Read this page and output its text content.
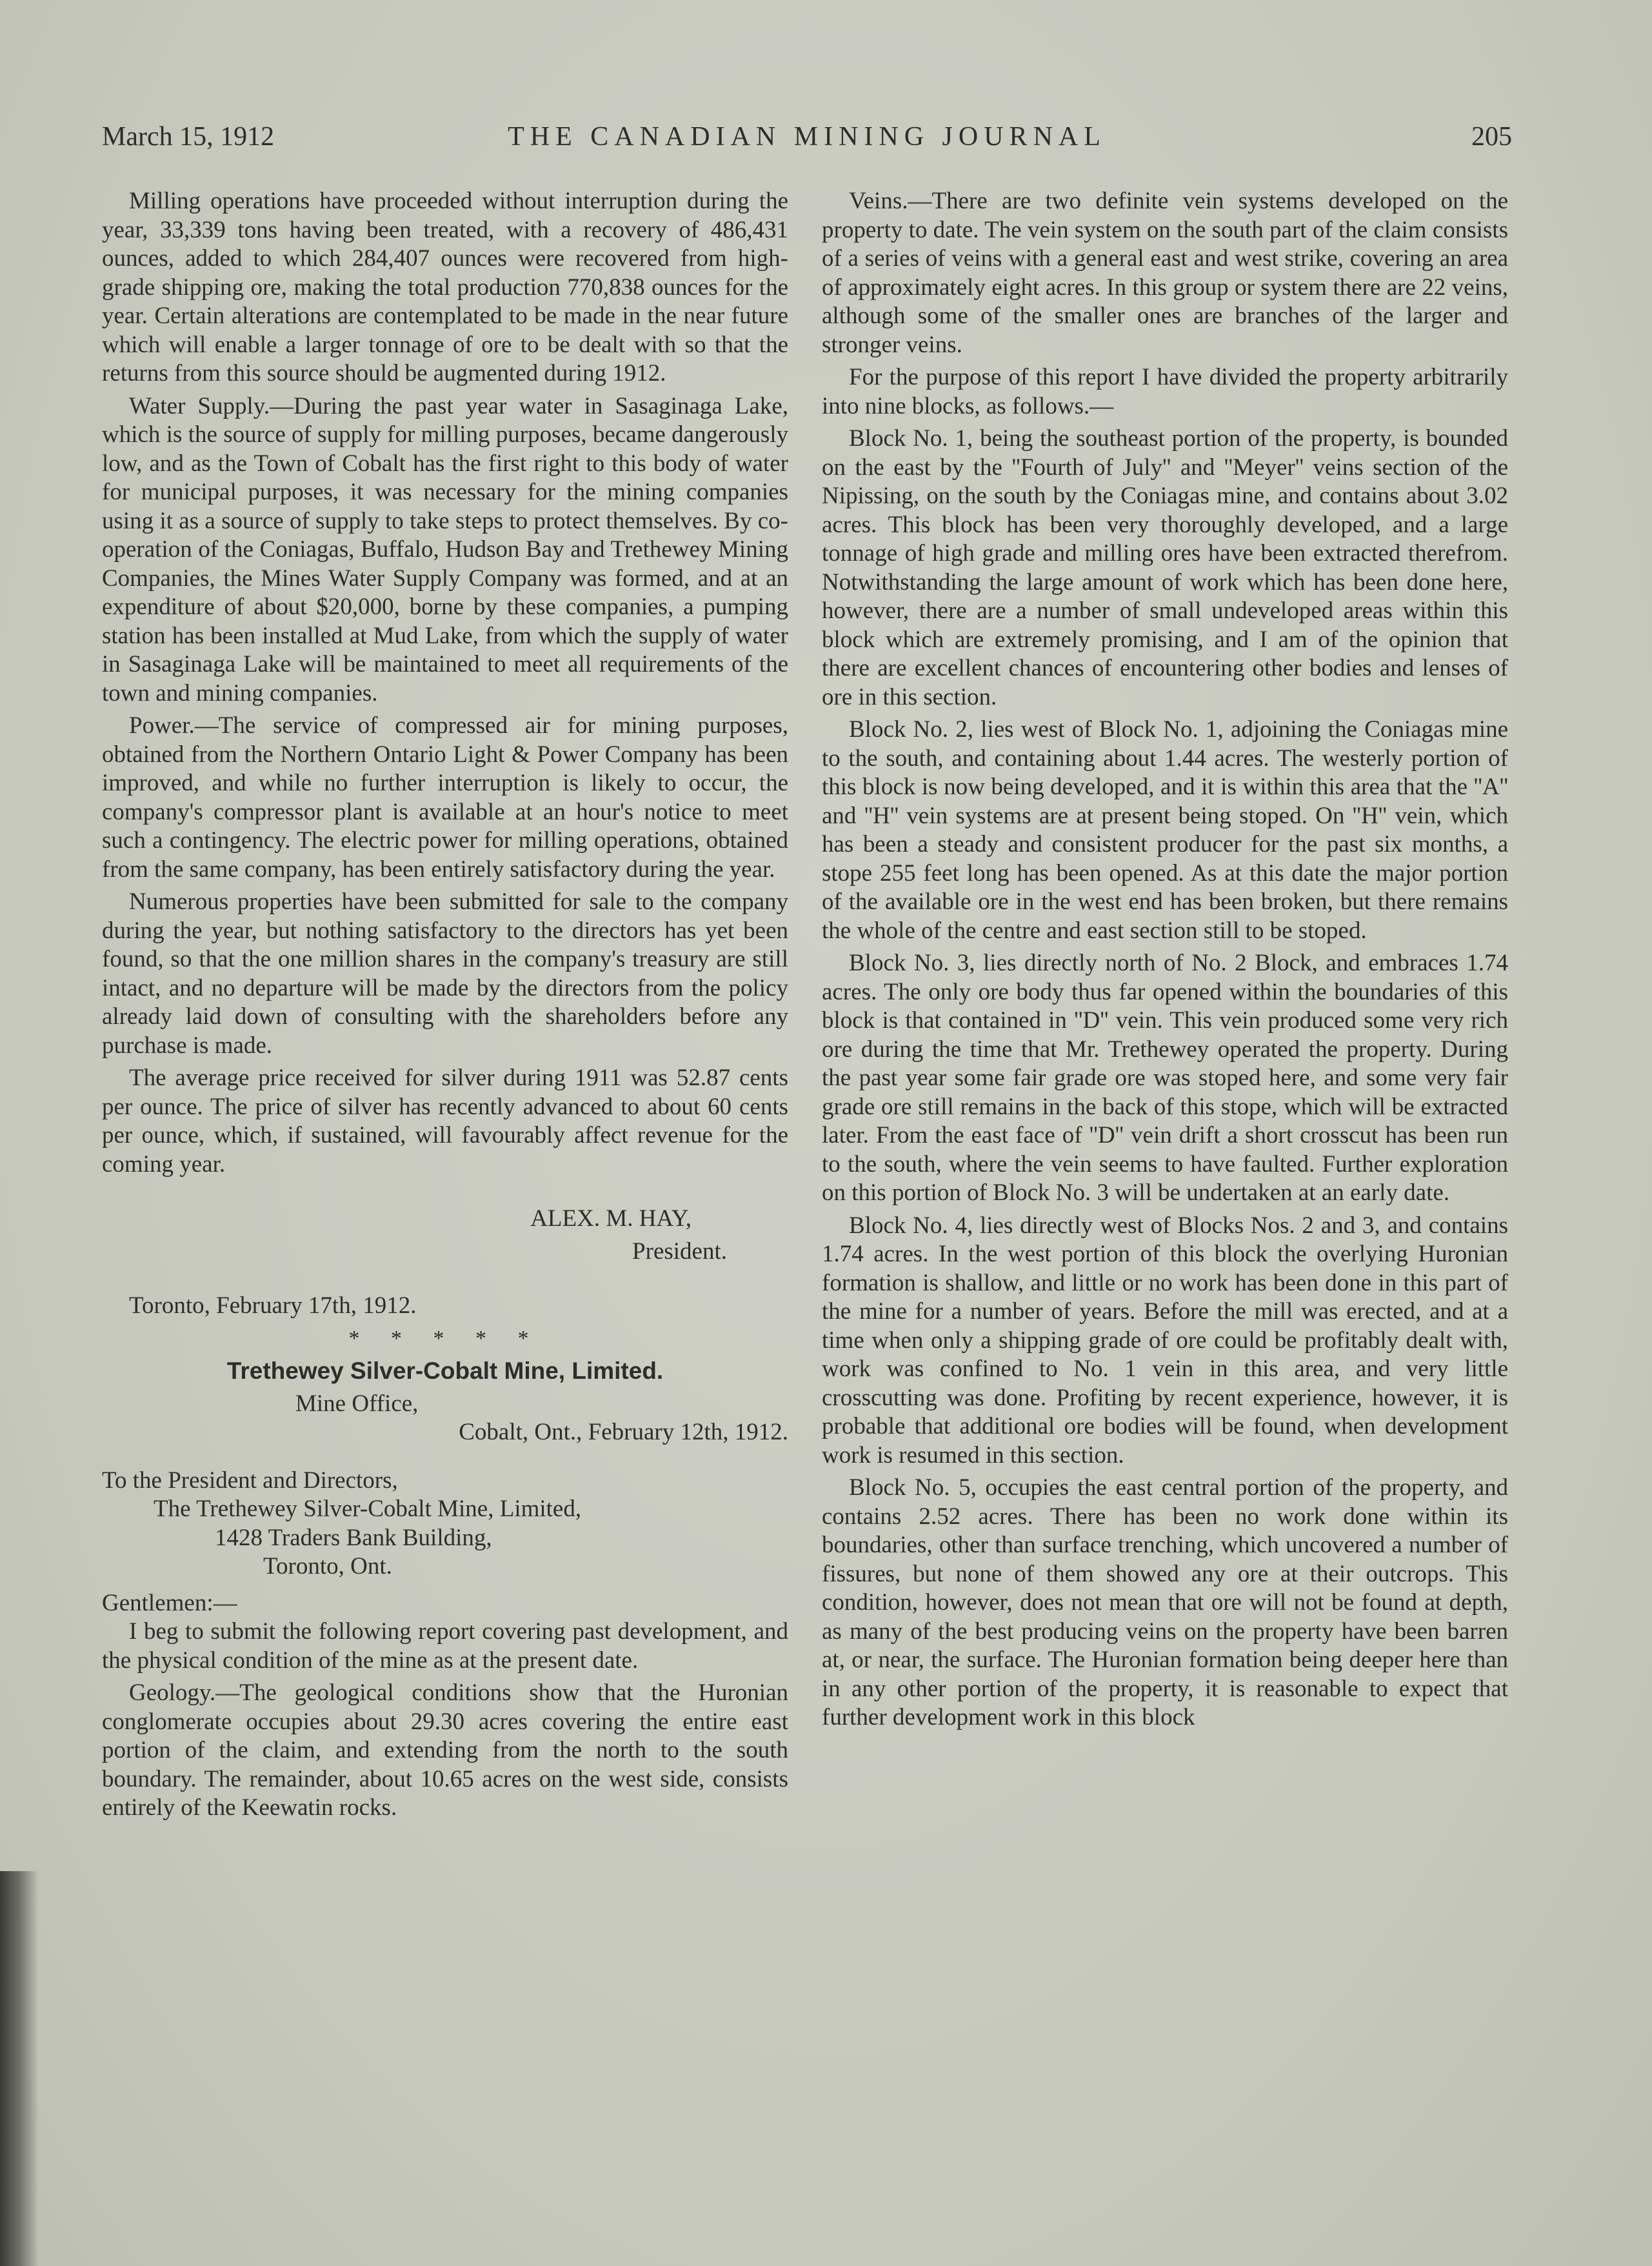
March 15, 1912	THE CANADIAN MINING JOURNAL	205

Milling operations have proceeded without interruption during the year, 33,339 tons having been treated, with a recovery of 486,431 ounces, added to which 284,407 ounces were recovered from high-grade shipping ore, making the total production 770,838 ounces for the year. Certain alterations are contemplated to be made in the near future which will enable a larger tonnage of ore to be dealt with so that the returns from this source should be augmented during 1912.

Water Supply.—During the past year water in Sasaginaga Lake, which is the source of supply for milling purposes, became dangerously low, and as the Town of Cobalt has the first right to this body of water for municipal purposes, it was necessary for the mining companies using it as a source of supply to take steps to protect themselves. By co-operation of the Coniagas, Buffalo, Hudson Bay and Trethewey Mining Companies, the Mines Water Supply Company was formed, and at an expenditure of about $20,000, borne by these companies, a pumping station has been installed at Mud Lake, from which the supply of water in Sasaginaga Lake will be maintained to meet all requirements of the town and mining companies.

Power.—The service of compressed air for mining purposes, obtained from the Northern Ontario Light & Power Company has been improved, and while no further interruption is likely to occur, the company's compressor plant is available at an hour's notice to meet such a contingency. The electric power for milling operations, obtained from the same company, has been entirely satisfactory during the year.

Numerous properties have been submitted for sale to the company during the year, but nothing satisfactory to the directors has yet been found, so that the one million shares in the company's treasury are still intact, and no departure will be made by the directors from the policy already laid down of consulting with the shareholders before any purchase is made.

The average price received for silver during 1911 was 52.87 cents per ounce. The price of silver has recently advanced to about 60 cents per ounce, which, if sustained, will favourably affect revenue for the coming year.

ALEX. M. HAY,

President.

Toronto, February 17th, 1912.

* * * * *

Trethewey Silver-Cobalt Mine, Limited.

Mine Office,

Cobalt, Ont., February 12th, 1912.

To the President and Directors,

The Trethewey Silver-Cobalt Mine, Limited,

1428 Traders Bank Building,

Toronto, Ont.

Gentlemen:—

I beg to submit the following report covering past development, and the physical condition of the mine as at the present date.

Geology.—The geological conditions show that the Huronian conglomerate occupies about 29.30 acres covering the entire east portion of the claim, and extending from the north to the south boundary. The remainder, about 10.65 acres on the west side, consists entirely of the Keewatin rocks.

Veins.—There are two definite vein systems developed on the property to date. The vein system on the south part of the claim consists of a series of veins with a general east and west strike, covering an area of approximately eight acres. In this group or system there are 22 veins, although some of the smaller ones are branches of the larger and stronger veins.

For the purpose of this report I have divided the property arbitrarily into nine blocks, as follows.—

Block No. 1, being the southeast portion of the property, is bounded on the east by the ''Fourth of July'' and ''Meyer'' veins section of the Nipissing, on the south by the Coniagas mine, and contains about 3.02 acres. This block has been very thoroughly developed, and a large tonnage of high grade and milling ores have been extracted therefrom. Notwithstanding the large amount of work which has been done here, however, there are a number of small undeveloped areas within this block which are extremely promising, and I am of the opinion that there are excellent chances of encountering other bodies and lenses of ore in this section.

Block No. 2, lies west of Block No. 1, adjoining the Coniagas mine to the south, and containing about 1.44 acres. The westerly portion of this block is now being developed, and it is within this area that the ''A'' and ''H'' vein systems are at present being stoped. On ''H'' vein, which has been a steady and consistent producer for the past six months, a stope 255 feet long has been opened. As at this date the major portion of the available ore in the west end has been broken, but there remains the whole of the centre and east section still to be stoped.

Block No. 3, lies directly north of No. 2 Block, and embraces 1.74 acres. The only ore body thus far opened within the boundaries of this block is that contained in ''D'' vein. This vein produced some very rich ore during the time that Mr. Trethewey operated the property. During the past year some fair grade ore was stoped here, and some very fair grade ore still remains in the back of this stope, which will be extracted later. From the east face of ''D'' vein drift a short crosscut has been run to the south, where the vein seems to have faulted. Further exploration on this portion of Block No. 3 will be undertaken at an early date.

Block No. 4, lies directly west of Blocks Nos. 2 and 3, and contains 1.74 acres. In the west portion of this block the overlying Huronian formation is shallow, and little or no work has been done in this part of the mine for a number of years. Before the mill was erected, and at a time when only a shipping grade of ore could be profitably dealt with, work was confined to No. 1 vein in this area, and very little crosscutting was done. Profiting by recent experience, however, it is probable that additional ore bodies will be found, when development work is resumed in this section.

Block No. 5, occupies the east central portion of the property, and contains 2.52 acres. There has been no work done within its boundaries, other than surface trenching, which uncovered a number of fissures, but none of them showed any ore at their outcrops. This condition, however, does not mean that ore will not be found at depth, as many of the best producing veins on the property have been barren at, or near, the surface. The Huronian formation being deeper here than in any other portion of the property, it is reasonable to expect that further development work in this block
